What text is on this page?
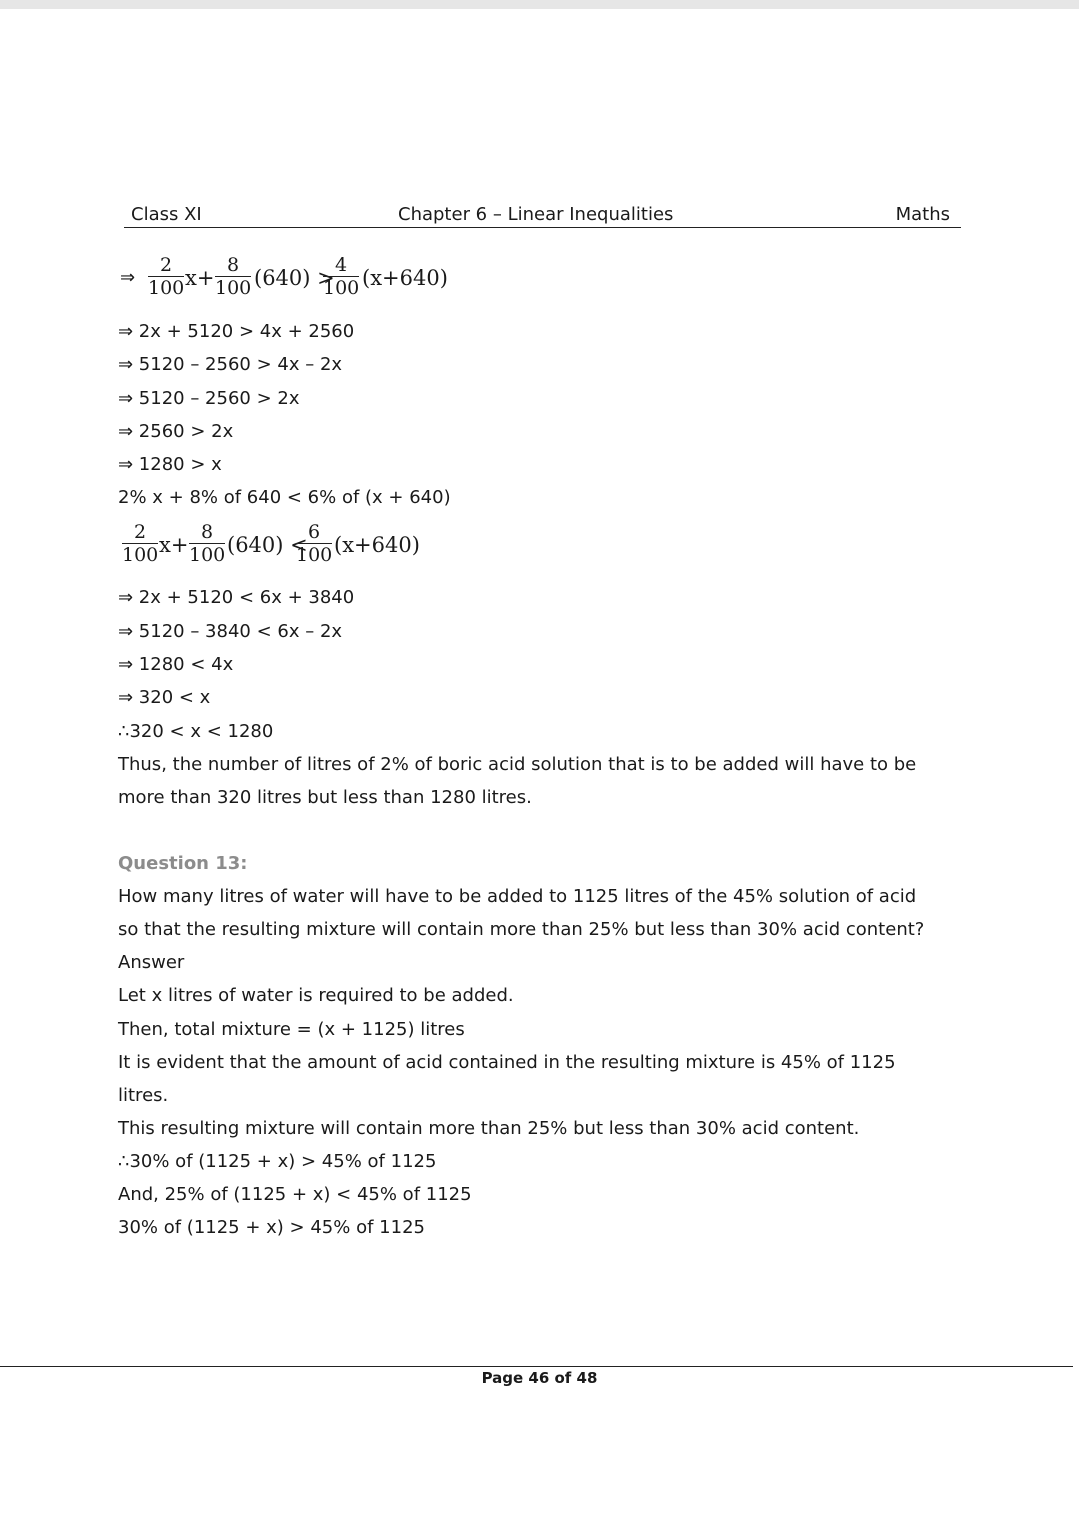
Class XI	Chapter 6 – Linear Inequalities	Maths
⇒
2
100 x+
8
100 (640) >
4
100 (x+640)
⇒ 2x + 5120 > 4x + 2560
⇒ 5120 – 2560 > 4x – 2x
⇒ 5120 – 2560 > 2x
⇒ 2560 > 2x
⇒ 1280 > x
2% x + 8% of 640 < 6% of (x + 640)
2
100 x+
8
100 (640) <
6
100 (x+640)
⇒ 2x + 5120 < 6x + 3840
⇒ 5120 – 3840 < 6x – 2x
⇒ 1280 < 4x
⇒ 320 < x
∴320 < x < 1280
Thus, the number of litres of 2% of boric acid solution that is to be added will have to be
more than 320 litres but less than 1280 litres.
Question 13:
How many litres of water will have to be added to 1125 litres of the 45% solution of acid
so that the resulting mixture will contain more than 25% but less than 30% acid content?
Answer
Let x litres of water is required to be added.
Then, total mixture = (x + 1125) litres
It is evident that the amount of acid contained in the resulting mixture is 45% of 1125
litres.
This resulting mixture will contain more than 25% but less than 30% acid content.
∴30% of (1125 + x) > 45% of 1125
And, 25% of (1125 + x) < 45% of 1125
30% of (1125 + x) > 45% of 1125
Page 46 of 48
